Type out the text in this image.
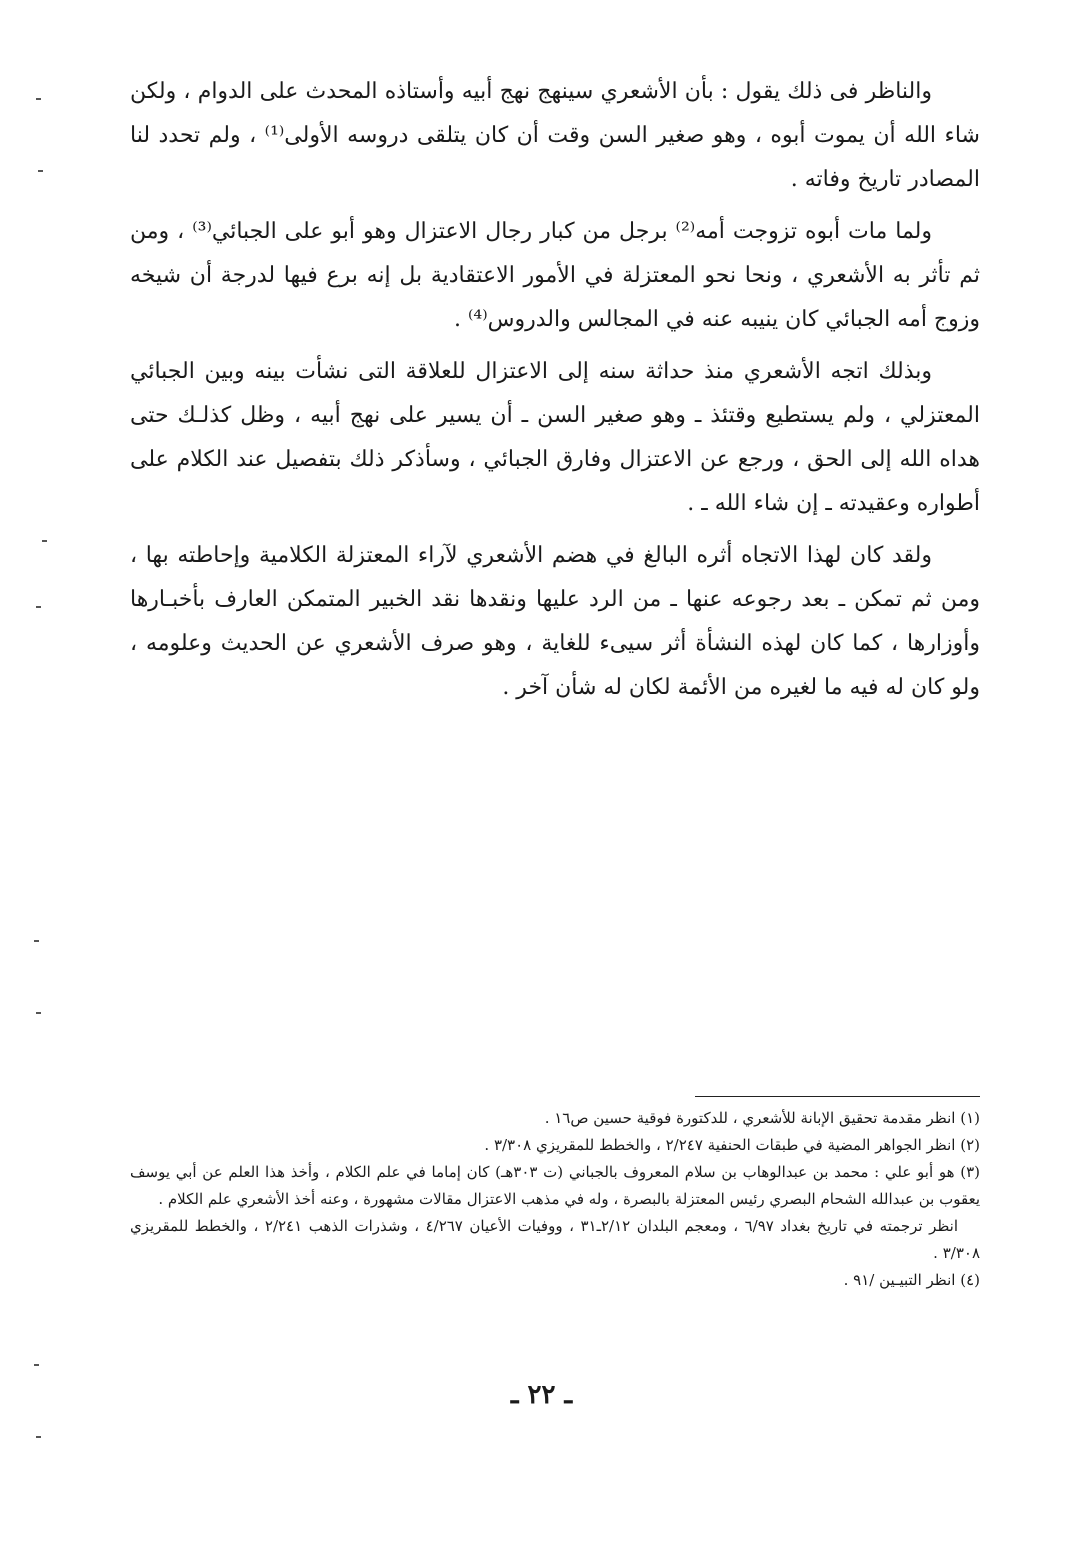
والناظر فى ذلك يقول : بأن الأشعري سينهج نهج أبيه وأستاذه المحدث على الدوام ، ولكن شاء الله أن يموت أبوه ، وهو صغير السن وقت أن كان يتلقى دروسه الأولى⁽¹⁾ ، ولم تحدد لنا المصادر تاريخ وفاته .

ولما مات أبوه تزوجت أمه⁽²⁾ برجل من كبار رجال الاعتزال وهو أبو على الجبائي⁽³⁾ ، ومن ثم تأثر به الأشعري ، ونحا نحو المعتزلة في الأمور الاعتقادية بل إنه برع فيها لدرجة أن شيخه وزوج أمه الجبائي كان ينيبه عنه في المجالس والدروس⁽⁴⁾ .

وبذلك اتجه الأشعري منذ حداثة سنه إلى الاعتزال للعلاقة التى نشأت بينه وبين الجبائي المعتزلي ، ولم يستطيع وقتئذ ـ وهو صغير السن ـ أن يسير على نهج أبيه ، وظل كذلـك حتى هداه الله إلى الحق ، ورجع عن الاعتزال وفارق الجبائي ، وسأذكر ذلك بتفصيل عند الكلام على أطواره وعقيدته ـ إن شاء الله ـ .

ولقد كان لهذا الاتجاه أثره البالغ في هضم الأشعري لآراء المعتزلة الكلامية وإحاطته بها ، ومن ثم تمكن ـ بعد رجوعه عنها ـ من الرد عليها ونقدها نقد الخبير المتمكن العارف بأخبـارها وأوزارها ، كما كان لهذه النشأة أثر سيىء للغاية ، وهو صرف الأشعري عن الحديث وعلومه ، ولو كان له فيه ما لغيره من الأئمة لكان له شأن آخر .

(١) انظر مقدمة تحقيق الإبانة للأشعري ، للدكتورة فوقية حسين ص١٦ .

(٢) انظر الجواهر المضية في طبقات الحنفية ٢/٢٤٧ ، والخطط للمقريزي ٣/٣٠٨ .

(٣) هو أبو علي : محمد بن عبدالوهاب بن سلام المعروف بالجباني (ت ٣٠٣هـ) كان إماما في علم الكلام ، وأخذ هذا العلم عن أبي يوسف يعقوب بن عبدالله الشحام البصري رئيس المعتزلة بالبصرة ، وله في مذهب الاعتزال مقالات مشهورة ، وعنه أخذ الأشعري علم الكلام .

انظر ترجمته في تاريخ بغداد ٦/٩٧ ، ومعجم البلدان ٢/١٢ـ٣١ ، ووفيات الأعيان ٤/٢٦٧ ، وشذرات الذهب ٢/٢٤١ ، والخطط للمقريزي ٣/٣٠٨ .

(٤) انظر التبيـين /٩١ .

ـ ٢٢ ـ
